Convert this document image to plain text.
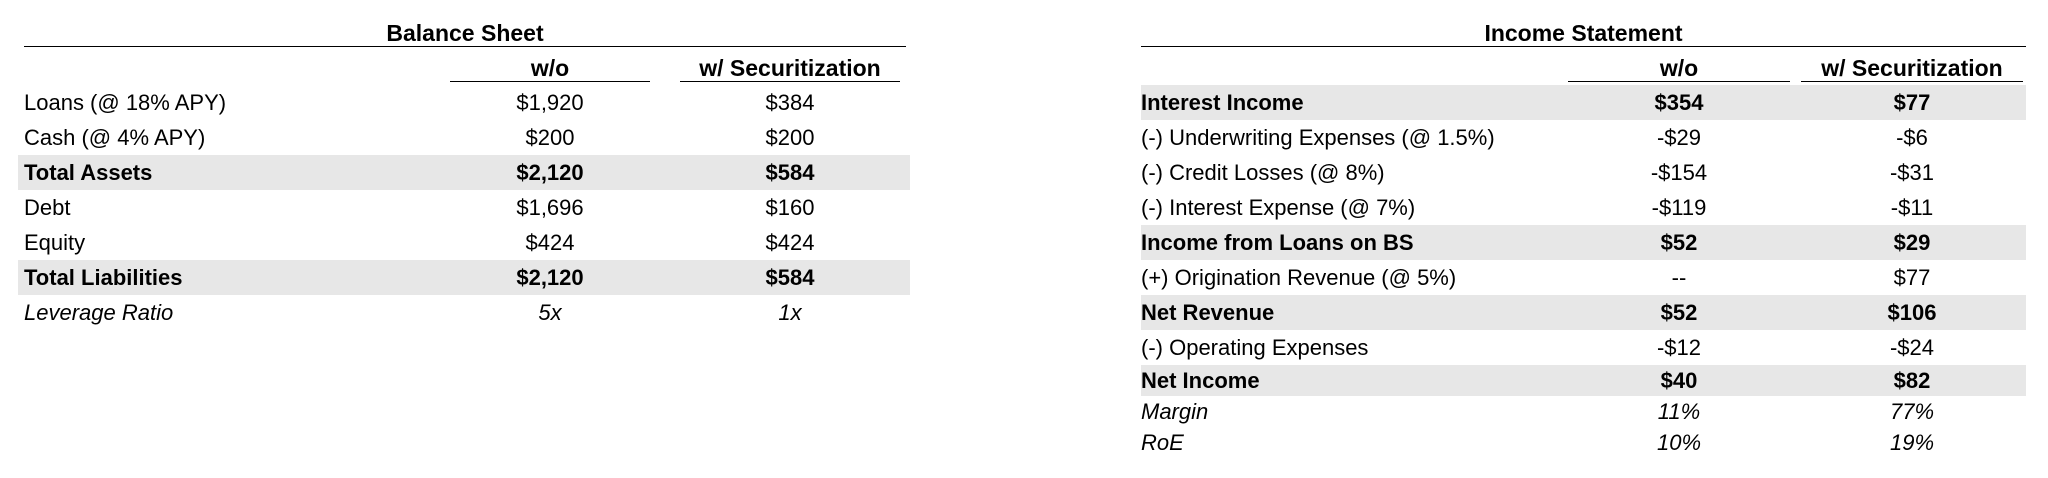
Balance Sheet
w/o	w/ Securitization
Loans (@ 18% APY)	$1,920	$384
Cash (@ 4% APY)	$200	$200
Total Assets	$2,120	$584
Debt	$1,696	$160
Equity	$424	$424
Total Liabilities	$2,120	$584
Leverage Ratio	5x	1x
Income Statement
w/o	w/ Securitization
Interest Income	$354	$77
(-) Underwriting Expenses (@ 1.5%)	-$29	-$6
(-) Credit Losses (@ 8%)	-$154	-$31
(-) Interest Expense (@ 7%)	-$119	-$11
Income from Loans on BS	$52	$29
(+) Origination Revenue (@ 5%)	--	$77
Net Revenue	$52	$106
(-) Operating Expenses	-$12	-$24
Net Income	$40	$82
Margin	11%	77%
RoE	10%	19%
